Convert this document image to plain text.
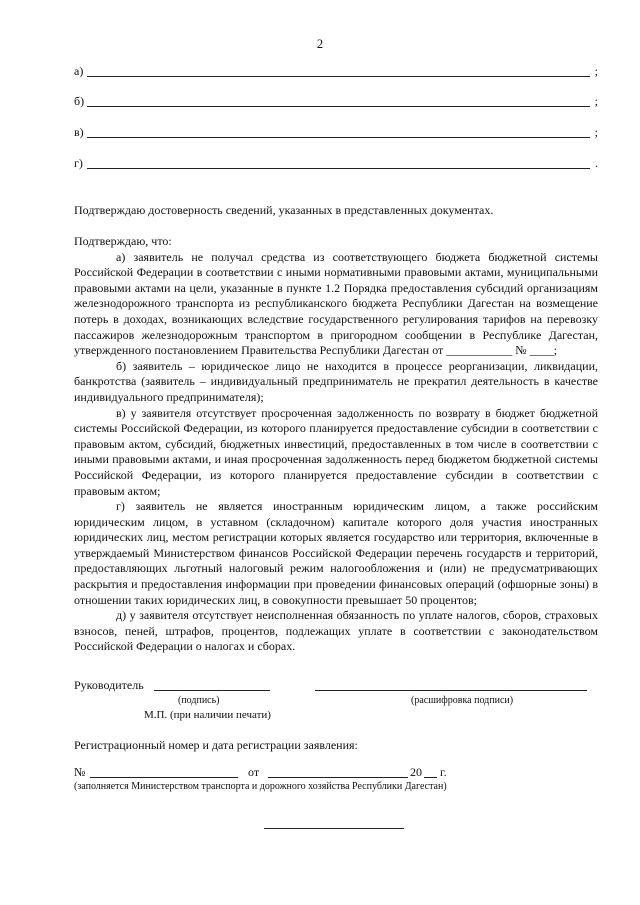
2
а)	;
б)	;
в)	;
г)	.
Подтверждаю достоверность сведений, указанных в представленных документах.

Подтверждаю, что:

а) заявитель не получал средства из соответствующего бюджета бюджетной системы Российской Федерации в соответствии с иными нормативными правовыми актами, муниципальными правовыми актами на цели, указанные в пункте 1.2 Порядка предоставления субсидий организациям железнодорожного транспорта из республиканского бюджета Республики Дагестан на возмещение потерь в доходах, возникающих вследствие государственного регулирования тарифов на перевозку пассажиров железнодорожным транспортом в пригородном сообщении в Республике Дагестан, утвержденного постановлением Правительства Республики Дагестан от ___________ № ____;

б) заявитель – юридическое лицо не находится в процессе реорганизации, ликвидации, банкротства (заявитель – индивидуальный предприниматель не прекратил деятельность в качестве индивидуального предпринимателя);

в) у заявителя отсутствует просроченная задолженность по возврату в бюджет бюджетной системы Российской Федерации, из которого планируется предоставление субсидии в соответствии с правовым актом, субсидий, бюджетных инвестиций, предоставленных в том числе в соответствии с иными правовыми актами, и иная просроченная задолженность перед бюджетом бюджетной системы Российской Федерации, из которого планируется предоставление субсидии в соответствии с правовым актом;

г) заявитель не является иностранным юридическим лицом, а также российским юридическим лицом, в уставном (складочном) капитале которого доля участия иностранных юридических лиц, местом регистрации которых является государство или территория, включенные в утверждаемый Министерством финансов Российской Федерации перечень государств и территорий, предоставляющих льготный налоговый режим налогообложения и (или) не предусматривающих раскрытия и предоставления информации при проведении финансовых операций (офшорные зоны) в отношении таких юридических лиц, в совокупности превышает 50 процентов;

д) у заявителя отсутствует неисполненная обязанность по уплате налогов, сборов, страховых взносов, пеней, штрафов, процентов, подлежащих уплате в соответствии с законодательством Российской Федерации о налогах и сборах.

Руководитель
(подпись)	(расшифровка подписи)
М.П. (при наличии печати)
Регистрационный номер и дата регистрации заявления:
№	от	20 г.
(заполняется Министерством транспорта и дорожного хозяйства Республики Дагестан)
